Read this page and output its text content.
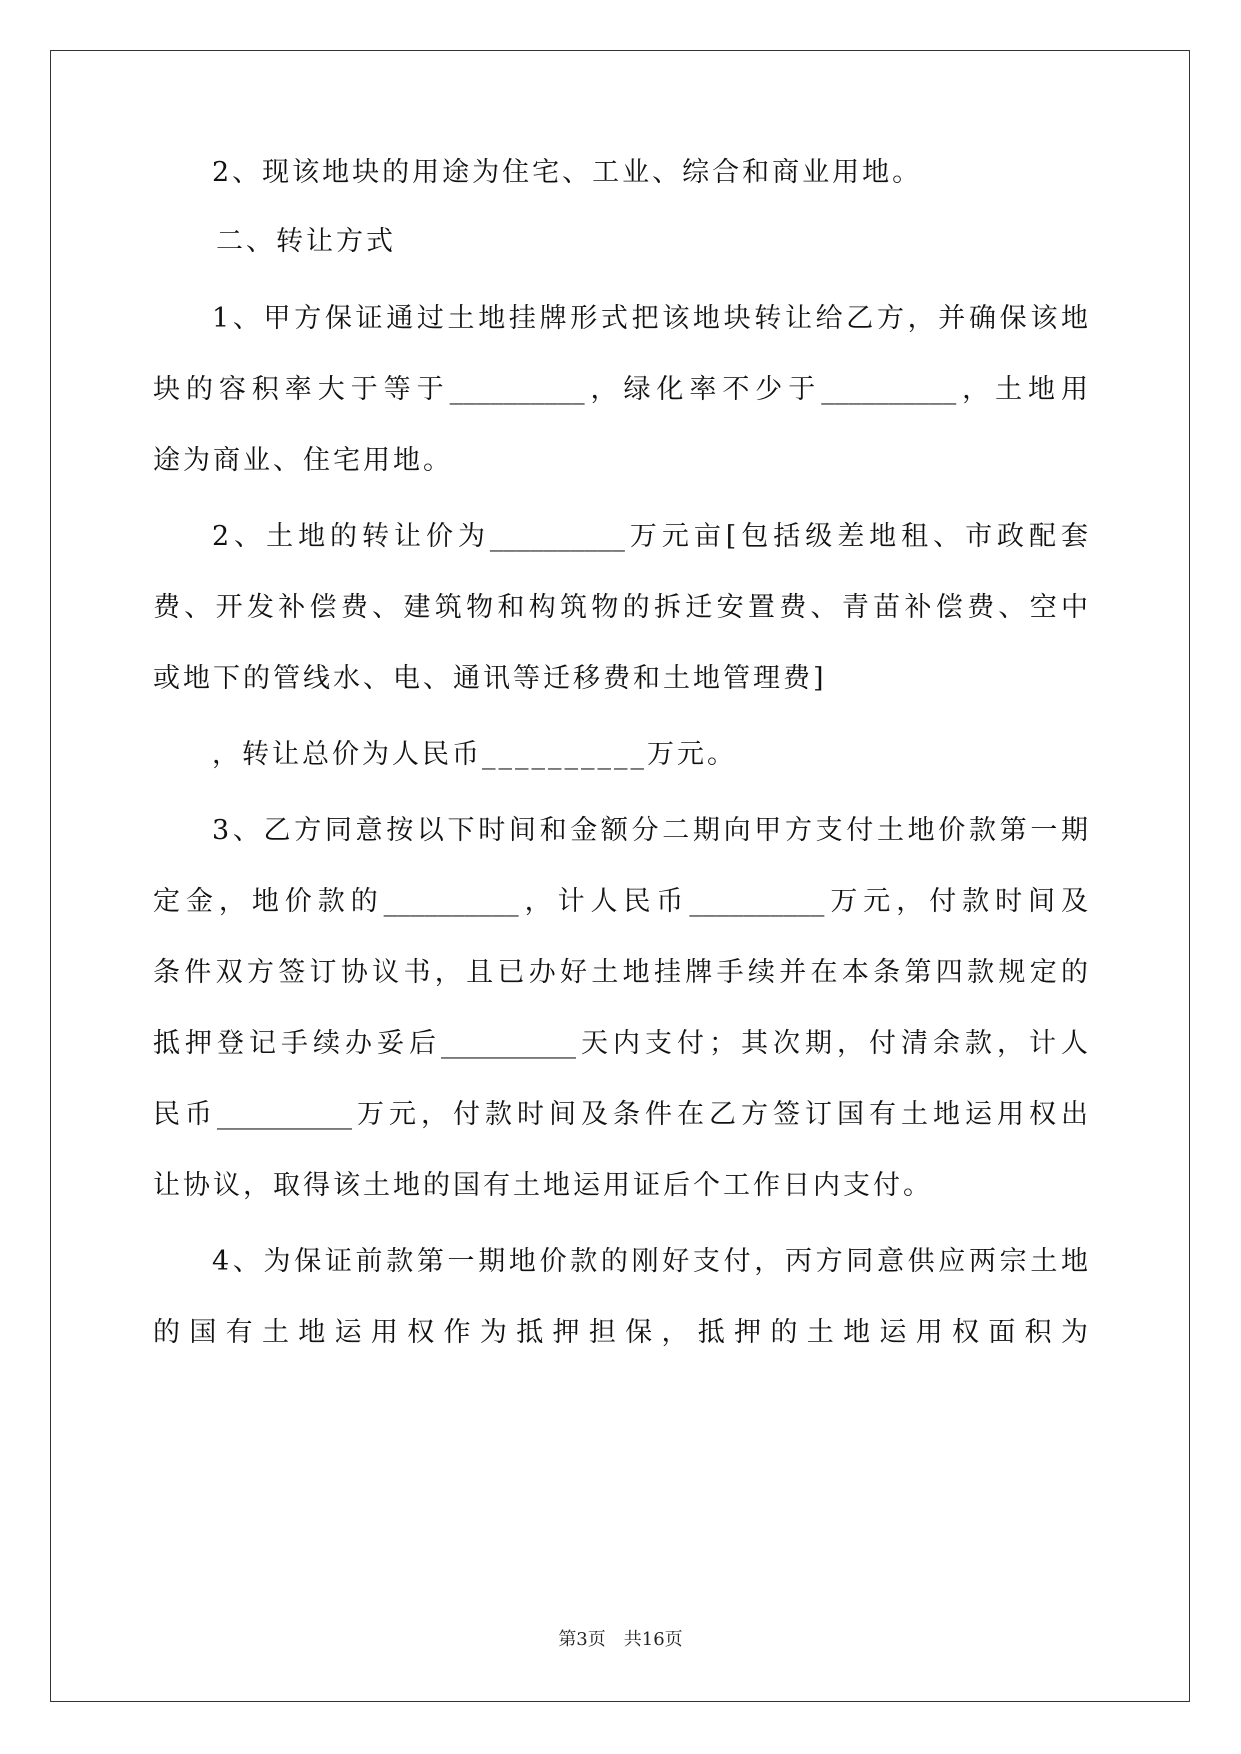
2、现该地块的用途为住宅、工业、综合和商业用地。
二、转让方式
1、甲方保证通过土地挂牌形式把该地块转让给乙方，并确保该地
块的容积率大于等于__________，绿化率不少于__________，土地用
途为商业、住宅用地。
2、土地的转让价为__________万元亩[包括级差地租、市政配套
费、开发补偿费、建筑物和构筑物的拆迁安置费、青苗补偿费、空中
或地下的管线水、电、通讯等迁移费和土地管理费]
，转让总价为人民币__________万元。
3、乙方同意按以下时间和金额分二期向甲方支付土地价款第一期
定金，地价款的__________，计人民币__________万元，付款时间及
条件双方签订协议书，且已办好土地挂牌手续并在本条第四款规定的
抵押登记手续办妥后__________天内支付；其次期，付清余款，计人
民币__________万元，付款时间及条件在乙方签订国有土地运用权出
让协议，取得该土地的国有土地运用证后个工作日内支付。
4、为保证前款第一期地价款的刚好支付，丙方同意供应两宗土地
的国有土地运用权作为抵押担保，抵押的土地运用权面积为
第3页　共16页
